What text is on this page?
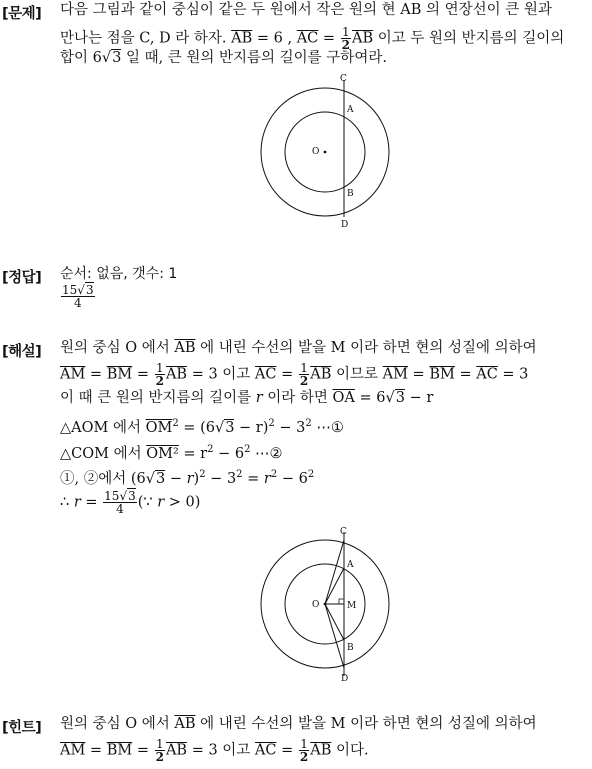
[문제] 다음 그림과 같이 중심이 같은 두 원에서 작은 원의 현 AB 의 연장선이 큰 원과
만나는 점을 C, D 라 하자. $\overline{AB} = 6$ , $\overline{AC} = \frac{1}{2} \overline{AB}$ 이고 두 원의 반지름의 길이의
합이 6√3 일 때, 큰 원의 반지름의 길이를 구하여라.
C
A
O
B
D
[정답] 순서: 없음, 갯수: 1
$\frac{15√3}{4}$
[해설] 원의 중심 O 에서 $\overline{AB}$ 에 내린 수선의 발을 M 이라 하면 현의 성질에 의하여
$\overline{AM} = \overline{BM} = \frac{1}{2} \overline{AB} = 3$ 이고 $\overline{AC} = \frac{1}{2} \overline{AB}$ 이므로 $\overline{AM} = \overline{BM} = \overline{AC} = 3$
이 때 큰 원의 반지름의 길이를 r 이라 하면 $\overline{OA} = 6√3 - r$
△AOM 에서 $\overline{OM}^2 = (6√3 - r)^2 - 3^2$ ⋯①
△COM 에서 $OM^2 = r^2 - 6^2$ ⋯②
①, ②에서 $(6√3 - r)^2 - 3^2 = r^2 - 6^2$
∴ $r = \frac{15√3}{4}$ (∵ r > 0)
C
A
O	M
B
D
[힌트] 원의 중심 O 에서 $\overline{AB}$ 에 내린 수선의 발을 M 이라 하면 현의 성질에 의하여
$\overline{AM} = \overline{BM} = \frac{1}{2} \overline{AB} = 3$ 이고 $\overline{AC} = \frac{1}{2} \overline{AB}$ 이다.
